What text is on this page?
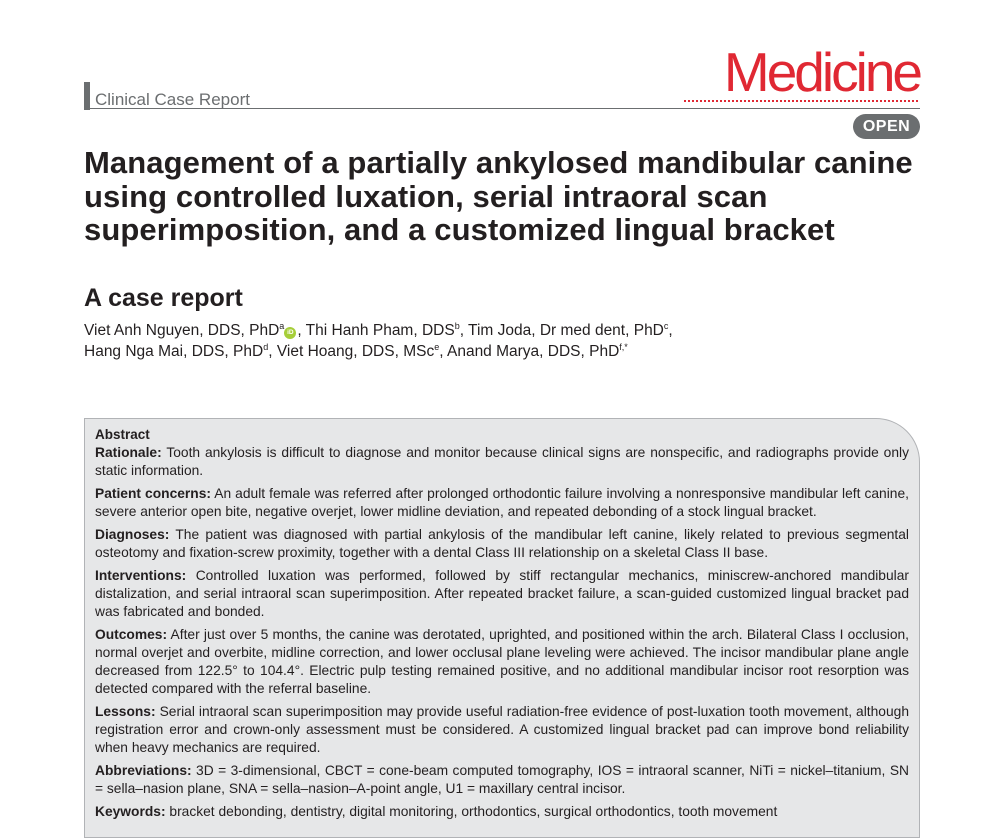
Clinical Case Report	Medicine
OPEN
Management of a partially ankylosed mandibular canine using controlled luxation, serial intraoral scan superimposition, and a customized lingual bracket
A case report
Viet Anh Nguyen, DDS, PhD$^a$iD , Thi Hanh Pham, DDS$^b$, Tim Joda, Dr med dent, PhD$^c$,
Hang Nga Mai, DDS, PhD$^d$, Viet Hoang, DDS, MSc$^e$, Anand Marya, DDS, PhD$^{f,*}$
Abstract

Rationale: Tooth ankylosis is difficult to diagnose and monitor because clinical signs are nonspecific, and radiographs provide only static information.

Patient concerns: An adult female was referred after prolonged orthodontic failure involving a nonresponsive mandibular left canine, severe anterior open bite, negative overjet, lower midline deviation, and repeated debonding of a stock lingual bracket.

Diagnoses: The patient was diagnosed with partial ankylosis of the mandibular left canine, likely related to previous segmental osteotomy and fixation-screw proximity, together with a dental Class III relationship on a skeletal Class II base.

Interventions: Controlled luxation was performed, followed by stiff rectangular mechanics, miniscrew-anchored mandibular distalization, and serial intraoral scan superimposition. After repeated bracket failure, a scan-guided customized lingual bracket pad was fabricated and bonded.

Outcomes: After just over 5 months, the canine was derotated, uprighted, and positioned within the arch. Bilateral Class I occlusion, normal overjet and overbite, midline correction, and lower occlusal plane leveling were achieved. The incisor mandibular plane angle decreased from 122.5° to 104.4°. Electric pulp testing remained positive, and no additional mandibular incisor root resorption was detected compared with the referral baseline.

Lessons: Serial intraoral scan superimposition may provide useful radiation-free evidence of post-luxation tooth movement, although registration error and crown-only assessment must be considered. A customized lingual bracket pad can improve bond reliability when heavy mechanics are required.

Abbreviations: 3D = 3-dimensional, CBCT = cone-beam computed tomography, IOS = intraoral scanner, NiTi = nickel–titanium, SN = sella–nasion plane, SNA = sella–nasion–A-point angle, U1 = maxillary central incisor.

Keywords: bracket debonding, dentistry, digital monitoring, orthodontics, surgical orthodontics, tooth movement
